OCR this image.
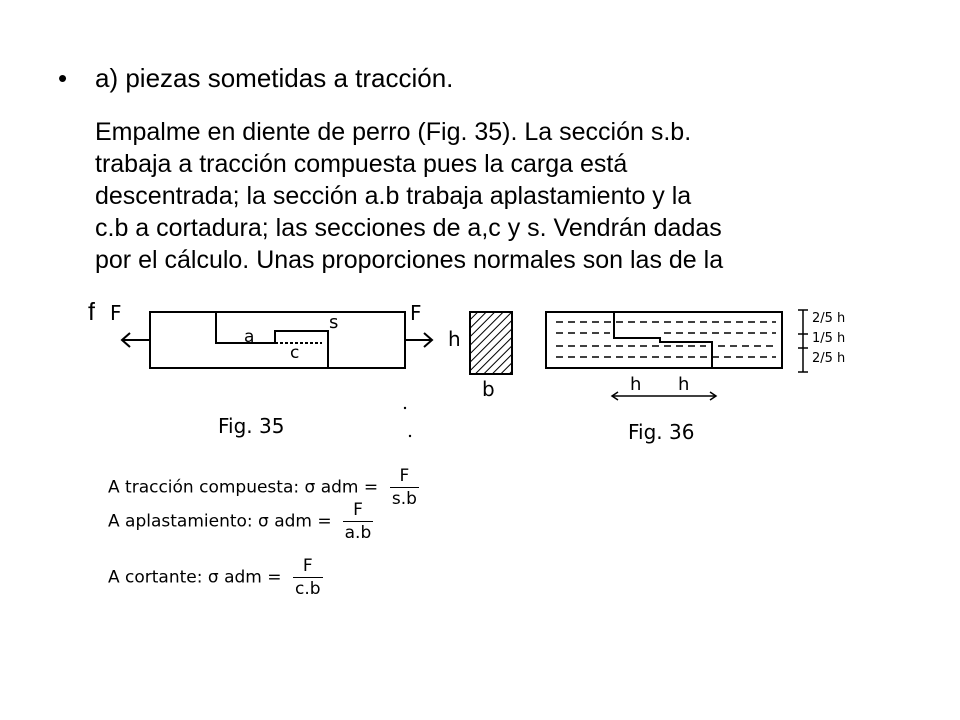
• a) piezas sometidas a tracción.
Empalme en diente de perro (Fig. 35). La sección s.b.
trabaja a tracción compuesta pues la carga está
descentrada; la sección a.b trabaja aplastamiento y la
c.b a cortadura; las secciones de a,c y s. Vendrán dadas
por el cálculo. Unas proporciones normales son las de la
f F	F
s
a
c
h
b	h h
2/5 h
1/5 h
2/5 h
Fig. 35	Fig. 36
A tracción compuesta: σ adm = $\frac{F}{s.b}$
A aplastamiento: σ adm = $\frac{F}{a.b}$
A cortante: σ adm = $\frac{F}{c.b}$
